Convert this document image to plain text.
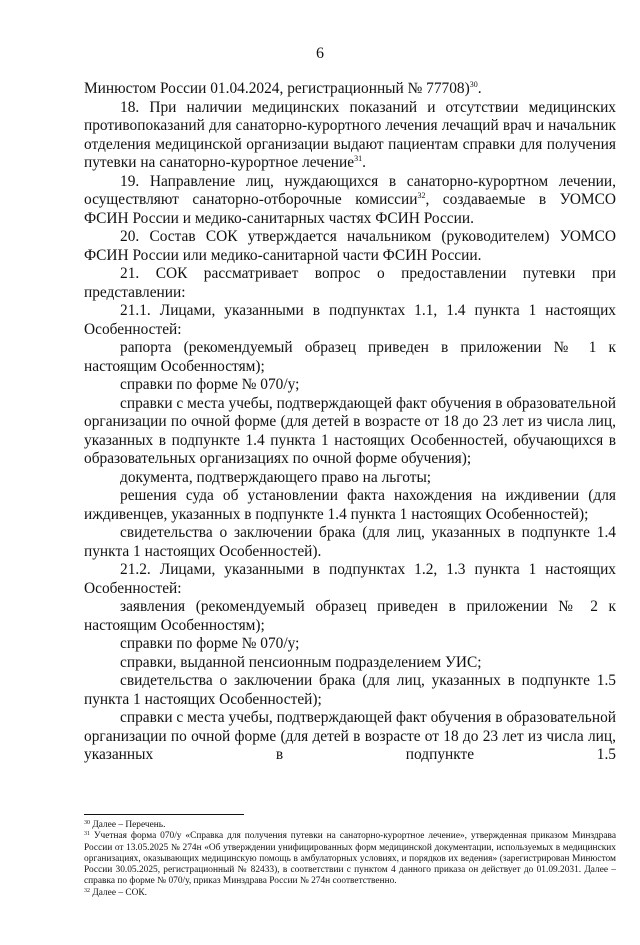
6

Минюстом России 01.04.2024, регистрационный № 77708)$^{30}$.

18. При наличии медицинских показаний и отсутствии медицинских противопоказаний для санаторно-курортного лечения лечащий врач и начальник отделения медицинской организации выдают пациентам справки для получения путевки на санаторно-курортное лечение$^{31}$.

19. Направление лиц, нуждающихся в санаторно-курортном лечении, осуществляют санаторно-отборочные комиссии$^{32}$, создаваемые в УОМСО ФСИН России и медико-санитарных частях ФСИН России.

20. Состав СОК утверждается начальником (руководителем) УОМСО ФСИН России или медико-санитарной части ФСИН России.

21. СОК рассматривает вопрос о предоставлении путевки при представлении:

21.1. Лицами, указанными в подпунктах 1.1, 1.4 пункта 1 настоящих Особенностей:

рапорта (рекомендуемый образец приведен в приложении № 1 к настоящим Особенностям);

справки по форме № 070/у;

справки с места учебы, подтверждающей факт обучения в образовательной организации по очной форме (для детей в возрасте от 18 до 23 лет из числа лиц, указанных в подпункте 1.4 пункта 1 настоящих Особенностей, обучающихся в образовательных организациях по очной форме обучения);

документа, подтверждающего право на льготы;

решения суда об установлении факта нахождения на иждивении (для иждивенцев, указанных в подпункте 1.4 пункта 1 настоящих Особенностей);

свидетельства о заключении брака (для лиц, указанных в подпункте 1.4 пункта 1 настоящих Особенностей).

21.2. Лицами, указанными в подпунктах 1.2, 1.3 пункта 1 настоящих Особенностей:

заявления (рекомендуемый образец приведен в приложении № 2 к настоящим Особенностям);

справки по форме № 070/у;

справки, выданной пенсионным подразделением УИС;

свидетельства о заключении брака (для лиц, указанных в подпункте 1.5 пункта 1 настоящих Особенностей);

справки с места учебы, подтверждающей факт обучения в образовательной организации по очной форме (для детей в возрасте от 18 до 23 лет из числа лиц, указанных в подпункте 1.5

$^{30}$ Далее – Перечень.

$^{31}$ Учетная форма 070/у «Справка для получения путевки на санаторно-курортное лечение», утвержденная приказом Минздрава России от 13.05.2025 № 274н «Об утверждении унифицированных форм медицинской документации, используемых в медицинских организациях, оказывающих медицинскую помощь в амбулаторных условиях, и порядков их ведения» (зарегистрирован Минюстом России 30.05.2025, регистрационный № 82433), в соответствии с пунктом 4 данного приказа он действует до 01.09.2031. Далее – справка по форме № 070/у, приказ Минздрава России № 274н соответственно.

$^{32}$ Далее – СОК.
